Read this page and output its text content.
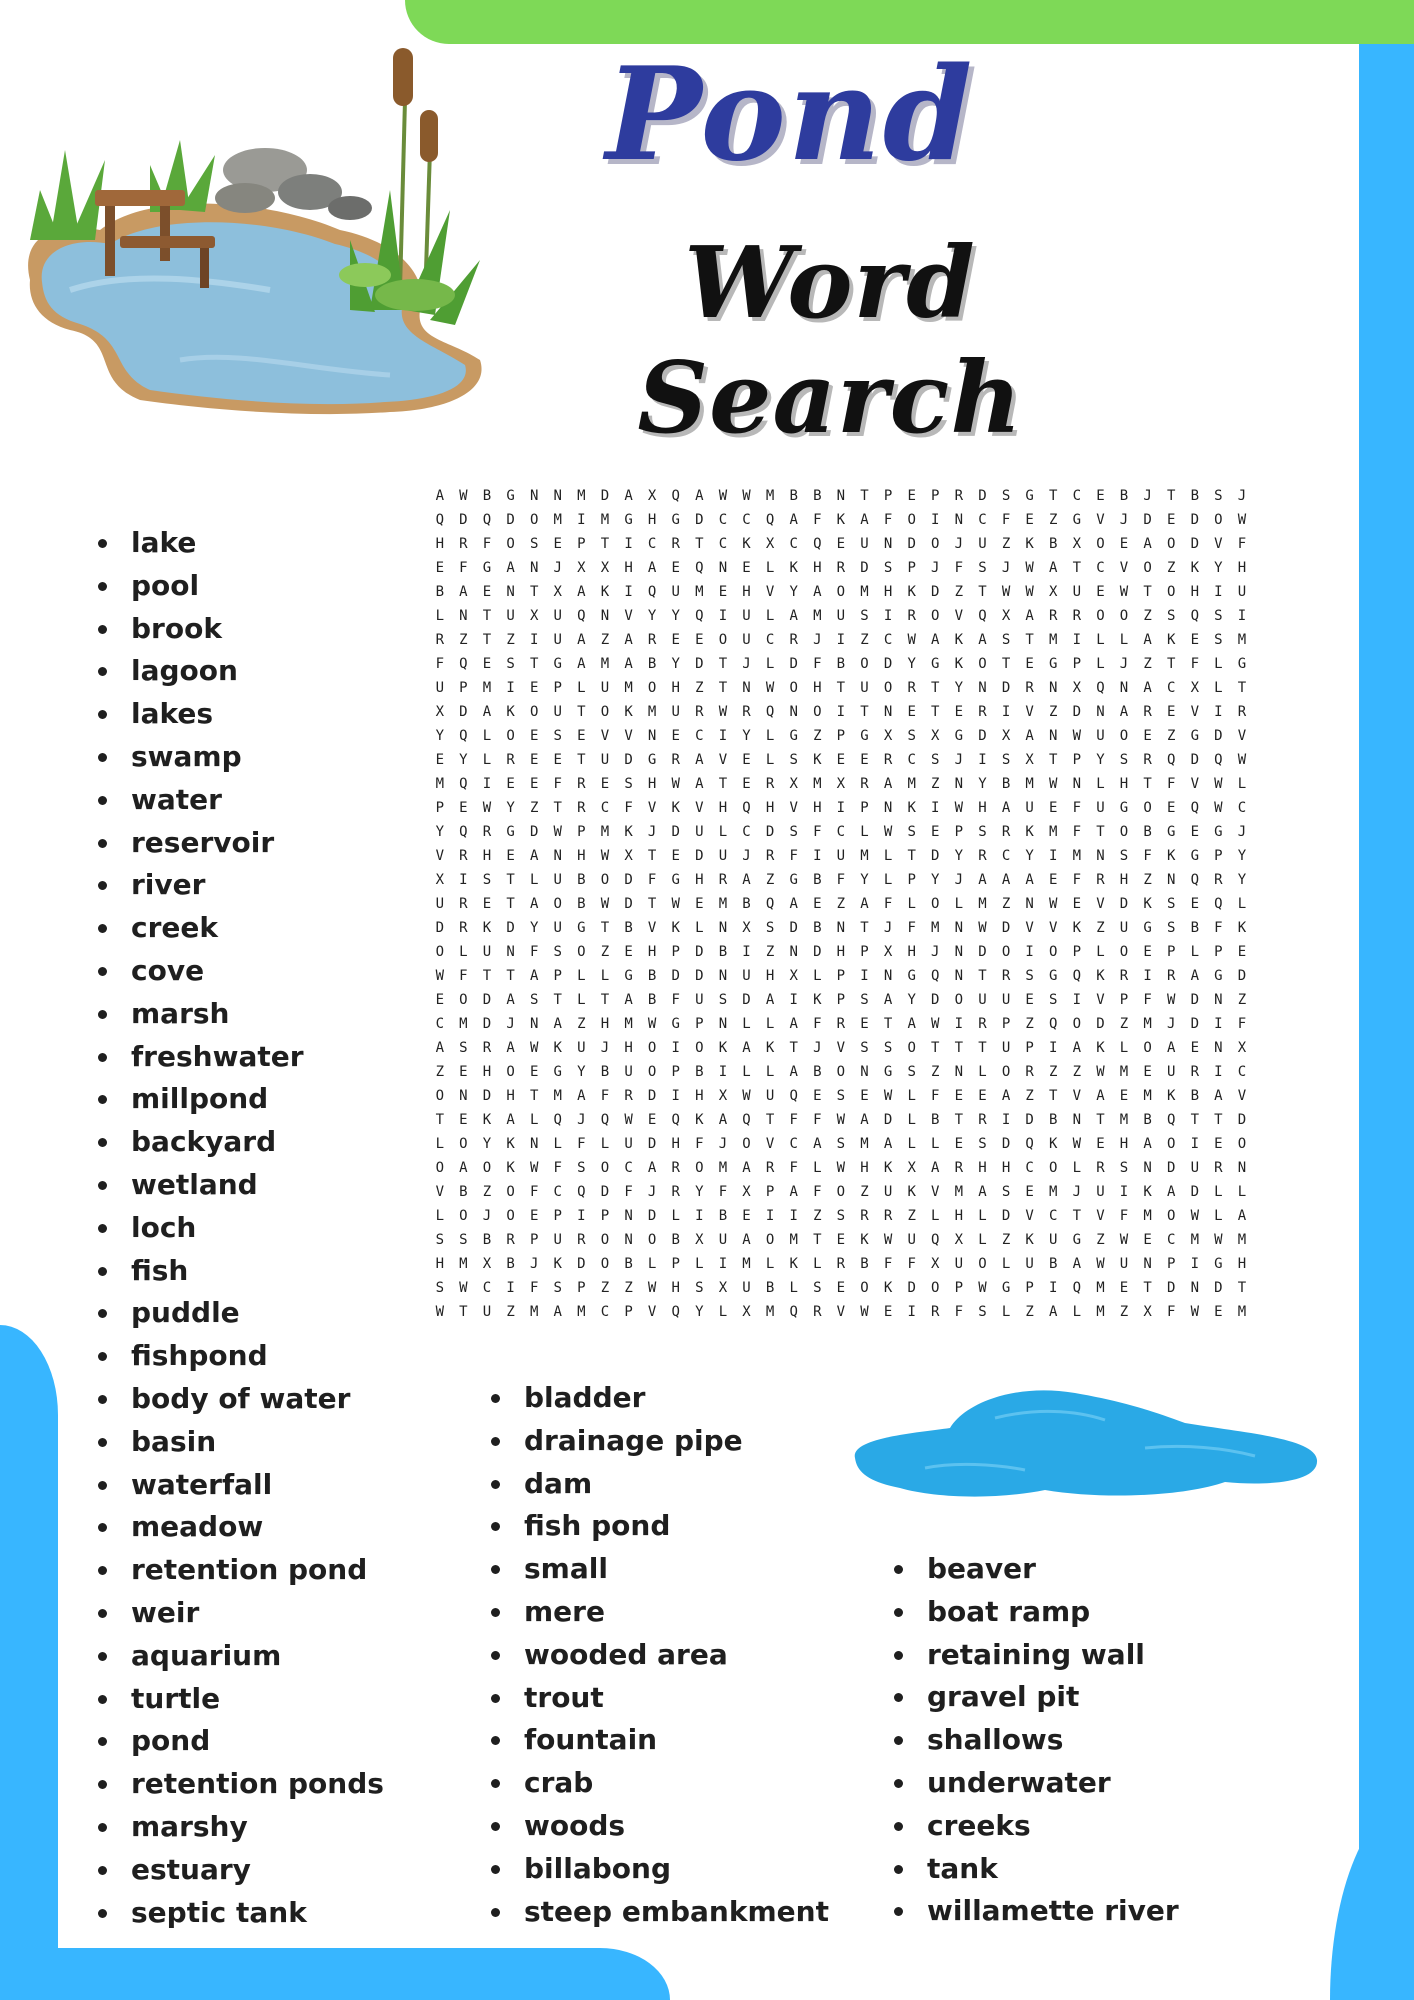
Pond
Word Search
A	W	B	G	N	N	M	D	A	X	Q	A	W	W	M	B	B	N	T	P	E	P	R	D	S	G	T	C	E	B	J	T	B	S	J
Q	D	Q	D	O	M	I	M	G	H	G	D	C	C	Q	A	F	K	A	F	O	I	N	C	F	E	Z	G	V	J	D	E	D	O	W
H	R	F	O	S	E	P	T	I	C	R	T	C	K	X	C	Q	E	U	N	D	O	J	U	Z	K	B	X	O	E	A	O	D	V	F
E	F	G	A	N	J	X	X	H	A	E	Q	N	E	L	K	H	R	D	S	P	J	F	S	J	W	A	T	C	V	O	Z	K	Y	H
B	A	E	N	T	X	A	K	I	Q	U	M	E	H	V	Y	A	O	M	H	K	D	Z	T	W	W	X	U	E	W	T	O	H	I	U
L	N	T	U	X	U	Q	N	V	Y	Y	Q	I	U	L	A	M	U	S	I	R	O	V	Q	X	A	R	R	O	O	Z	S	Q	S	I
R	Z	T	Z	I	U	A	Z	A	R	E	E	O	U	C	R	J	I	Z	C	W	A	K	A	S	T	M	I	L	L	A	K	E	S	M
F	Q	E	S	T	G	A	M	A	B	Y	D	T	J	L	D	F	B	O	D	Y	G	K	O	T	E	G	P	L	J	Z	T	F	L	G
U	P	M	I	E	P	L	U	M	O	H	Z	T	N	W	O	H	T	U	O	R	T	Y	N	D	R	N	X	Q	N	A	C	X	L	T
X	D	A	K	O	U	T	O	K	M	U	R	W	R	Q	N	O	I	T	N	E	T	E	R	I	V	Z	D	N	A	R	E	V	I	R
Y	Q	L	O	E	S	E	V	V	N	E	C	I	Y	L	G	Z	P	G	X	S	X	G	D	X	A	N	W	U	O	E	Z	G	D	V
E	Y	L	R	E	E	T	U	D	G	R	A	V	E	L	S	K	E	E	R	C	S	J	I	S	X	T	P	Y	S	R	Q	D	Q	W
M	Q	I	E	E	F	R	E	S	H	W	A	T	E	R	X	M	X	R	A	M	Z	N	Y	B	M	W	N	L	H	T	F	V	W	L
P	E	W	Y	Z	T	R	C	F	V	K	V	H	Q	H	V	H	I	P	N	K	I	W	H	A	U	E	F	U	G	O	E	Q	W	C
Y	Q	R	G	D	W	P	M	K	J	D	U	L	C	D	S	F	C	L	W	S	E	P	S	R	K	M	F	T	O	B	G	E	G	J
V	R	H	E	A	N	H	W	X	T	E	D	U	J	R	F	I	U	M	L	T	D	Y	R	C	Y	I	M	N	S	F	K	G	P	Y
X	I	S	T	L	U	B	O	D	F	G	H	R	A	Z	G	B	F	Y	L	P	Y	J	A	A	A	E	F	R	H	Z	N	Q	R	Y
U	R	E	T	A	O	B	W	D	T	W	E	M	B	Q	A	E	Z	A	F	L	O	L	M	Z	N	W	E	V	D	K	S	E	Q	L
D	R	K	D	Y	U	G	T	B	V	K	L	N	X	S	D	B	N	T	J	F	M	N	W	D	V	V	K	Z	U	G	S	B	F	K
O	L	U	N	F	S	O	Z	E	H	P	D	B	I	Z	N	D	H	P	X	H	J	N	D	O	I	O	P	L	O	E	P	L	P	E
W	F	T	T	A	P	L	L	G	B	D	D	N	U	H	X	L	P	I	N	G	Q	N	T	R	S	G	Q	K	R	I	R	A	G	D
E	O	D	A	S	T	L	T	A	B	F	U	S	D	A	I	K	P	S	A	Y	D	O	U	U	E	S	I	V	P	F	W	D	N	Z
C	M	D	J	N	A	Z	H	M	W	G	P	N	L	L	A	F	R	E	T	A	W	I	R	P	Z	Q	O	D	Z	M	J	D	I	F
A	S	R	A	W	K	U	J	H	O	I	O	K	A	K	T	J	V	S	S	O	T	T	T	U	P	I	A	K	L	O	A	E	N	X
Z	E	H	O	E	G	Y	B	U	O	P	B	I	L	L	A	B	O	N	G	S	Z	N	L	O	R	Z	Z	W	M	E	U	R	I	C
O	N	D	H	T	M	A	F	R	D	I	H	X	W	U	Q	E	S	E	W	L	F	E	E	A	Z	T	V	A	E	M	K	B	A	V
T	E	K	A	L	Q	J	Q	W	E	Q	K	A	Q	T	F	F	W	A	D	L	B	T	R	I	D	B	N	T	M	B	Q	T	T	D
L	O	Y	K	N	L	F	L	U	D	H	F	J	O	V	C	A	S	M	A	L	L	E	S	D	Q	K	W	E	H	A	O	I	E	O
O	A	O	K	W	F	S	O	C	A	R	O	M	A	R	F	L	W	H	K	X	A	R	H	H	C	O	L	R	S	N	D	U	R	N
V	B	Z	O	F	C	Q	D	F	J	R	Y	F	X	P	A	F	O	Z	U	K	V	M	A	S	E	M	J	U	I	K	A	D	L	L
L	O	J	O	E	P	I	P	N	D	L	I	B	E	I	I	Z	S	R	R	Z	L	H	L	D	V	C	T	V	F	M	O	W	L	A
S	S	B	R	P	U	R	O	N	O	B	X	U	A	O	M	T	E	K	W	U	Q	X	L	Z	K	U	G	Z	W	E	C	M	W	M
H	M	X	B	J	K	D	O	B	L	P	L	I	M	L	K	L	R	B	F	F	X	U	O	L	U	B	A	W	U	N	P	I	G	H
S	W	C	I	F	S	P	Z	Z	W	H	S	X	U	B	L	S	E	O	K	D	O	P	W	G	P	I	Q	M	E	T	D	N	D	T
W	T	U	Z	M	A	M	C	P	V	Q	Y	L	X	M	Q	R	V	W	E	I	R	F	S	L	Z	A	L	M	Z	X	F	W	E	M
lake
pool
brook
lagoon
lakes
swamp
water
reservoir
river
creek
cove
marsh
freshwater
millpond
backyard
wetland
loch
fish
puddle
fishpond
body of water
basin
waterfall
meadow
retention pond
weir
aquarium
turtle
pond
retention ponds
marshy
estuary
septic tank
bladder
drainage pipe
dam
fish pond
small
mere
wooded area
trout
fountain
crab
woods
billabong
steep embankment
beaver
boat ramp
retaining wall
gravel pit
shallows
underwater
creeks
tank
willamette river
